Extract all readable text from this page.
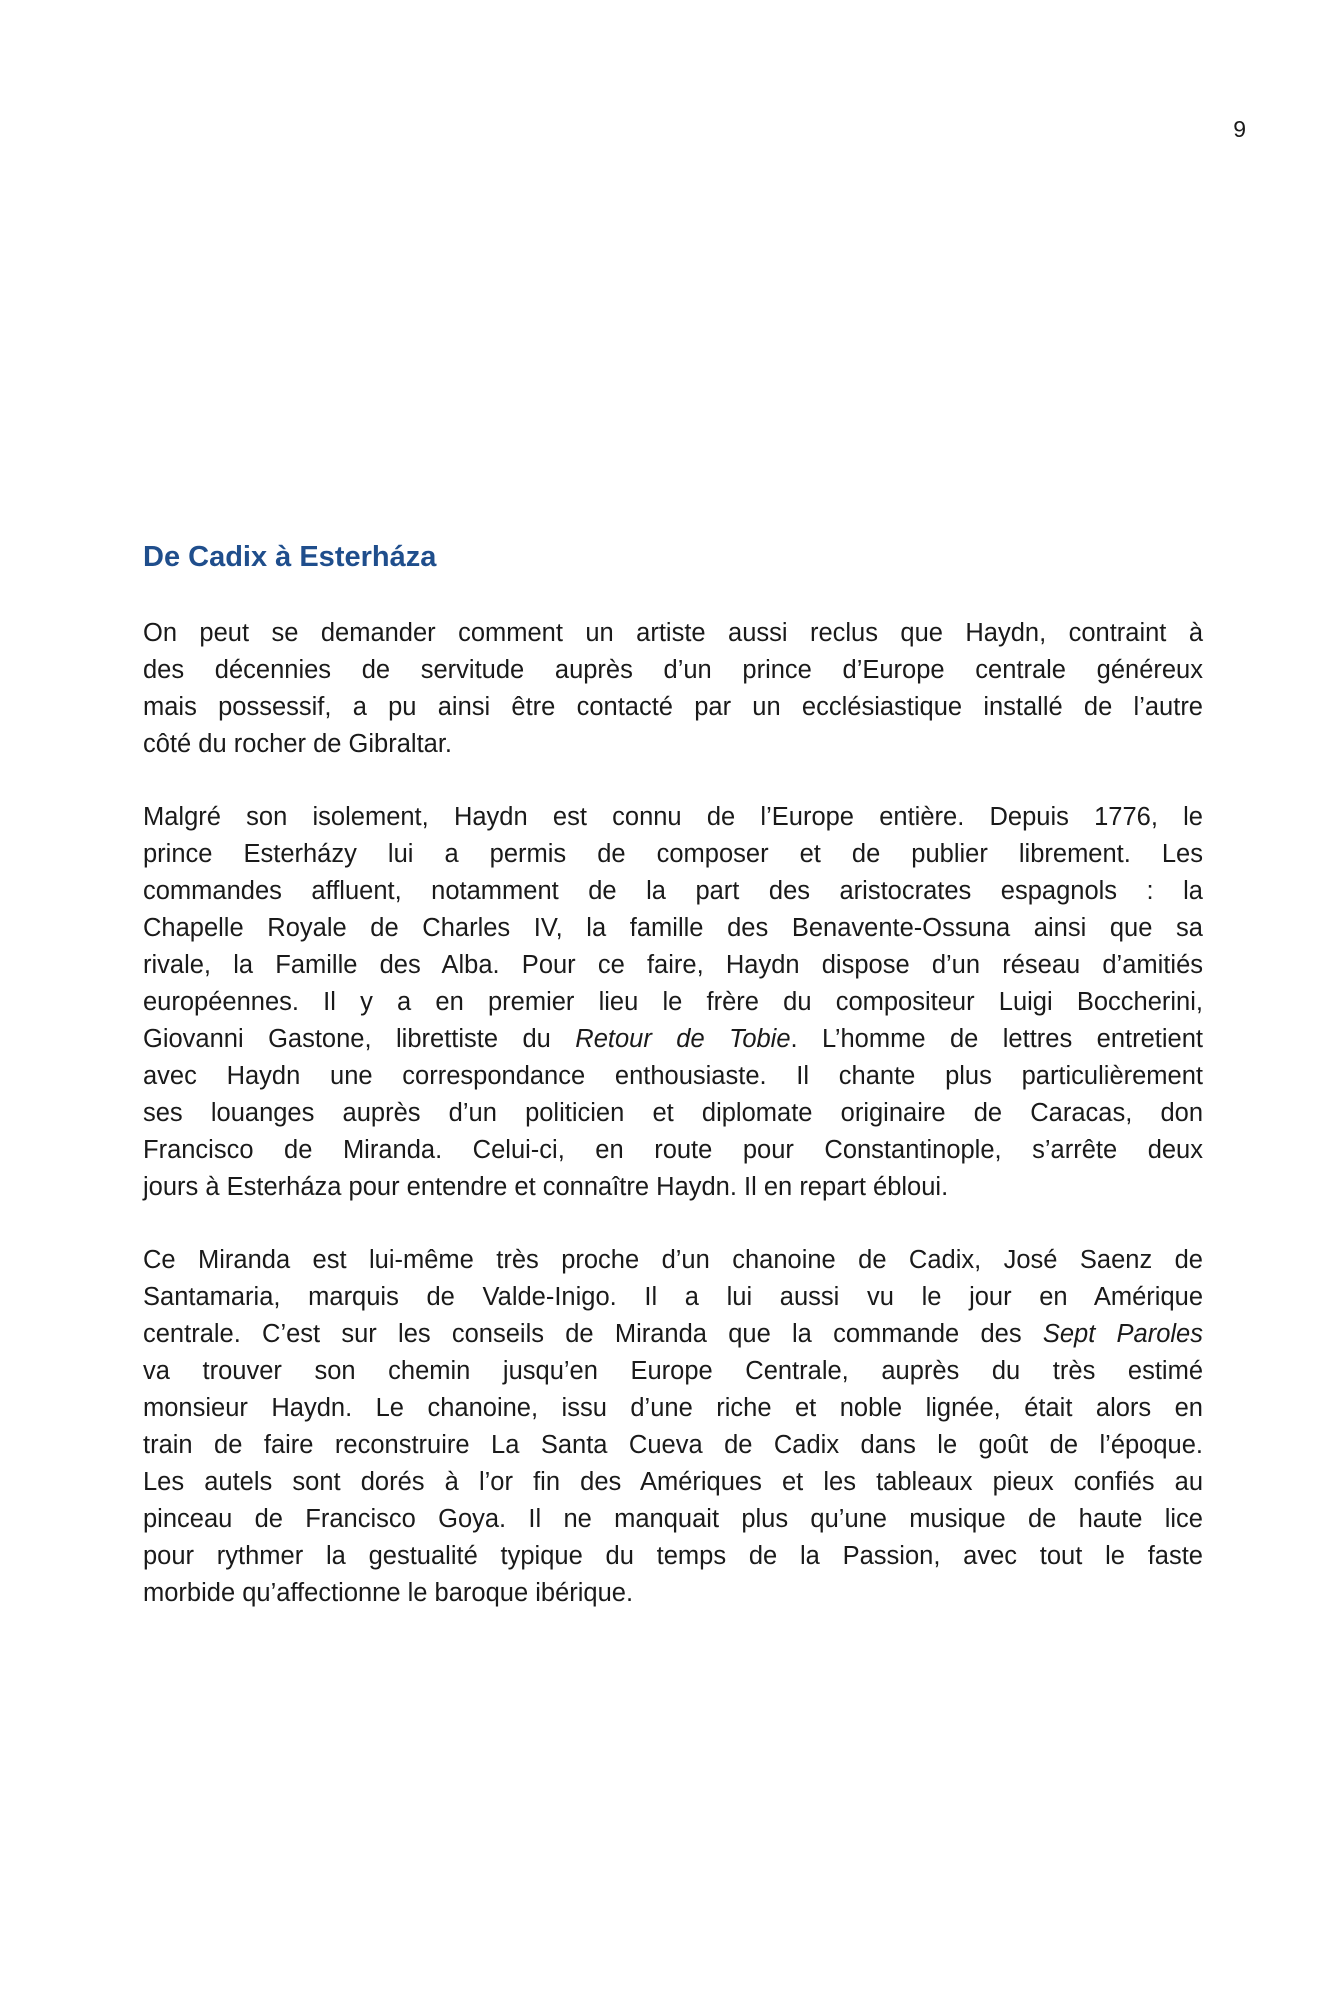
9
De Cadix à Esterháza

On peut se demander comment un artiste aussi reclus que Haydn, contraint à
des décennies de servitude auprès d’un prince d’Europe centrale généreux
mais possessif, a pu ainsi être contacté par un ecclésiastique installé de l’autre
côté du rocher de Gibraltar.

Malgré son isolement, Haydn est connu de l’Europe entière. Depuis 1776, le
prince Esterházy lui a permis de composer et de publier librement. Les
commandes affluent, notamment de la part des aristocrates espagnols : la
Chapelle Royale de Charles IV, la famille des Benavente-Ossuna ainsi que sa
rivale, la Famille des Alba. Pour ce faire, Haydn dispose d’un réseau d’amitiés
européennes. Il y a en premier lieu le frère du compositeur Luigi Boccherini,
Giovanni Gastone, librettiste du Retour de Tobie. L’homme de lettres entretient
avec Haydn une correspondance enthousiaste. Il chante plus particulièrement
ses louanges auprès d’un politicien et diplomate originaire de Caracas, don
Francisco de Miranda. Celui-ci, en route pour Constantinople, s’arrête deux
jours à Esterháza pour entendre et connaître Haydn. Il en repart ébloui.

Ce Miranda est lui-même très proche d’un chanoine de Cadix, José Saenz de
Santamaria, marquis de Valde-Inigo. Il a lui aussi vu le jour en Amérique
centrale. C’est sur les conseils de Miranda que la commande des Sept Paroles
va trouver son chemin jusqu’en Europe Centrale, auprès du très estimé
monsieur Haydn. Le chanoine, issu d’une riche et noble lignée, était alors en
train de faire reconstruire La Santa Cueva de Cadix dans le goût de l’époque.
Les autels sont dorés à l’or fin des Amériques et les tableaux pieux confiés au
pinceau de Francisco Goya. Il ne manquait plus qu’une musique de haute lice
pour rythmer la gestualité typique du temps de la Passion, avec tout le faste
morbide qu’affectionne le baroque ibérique.
